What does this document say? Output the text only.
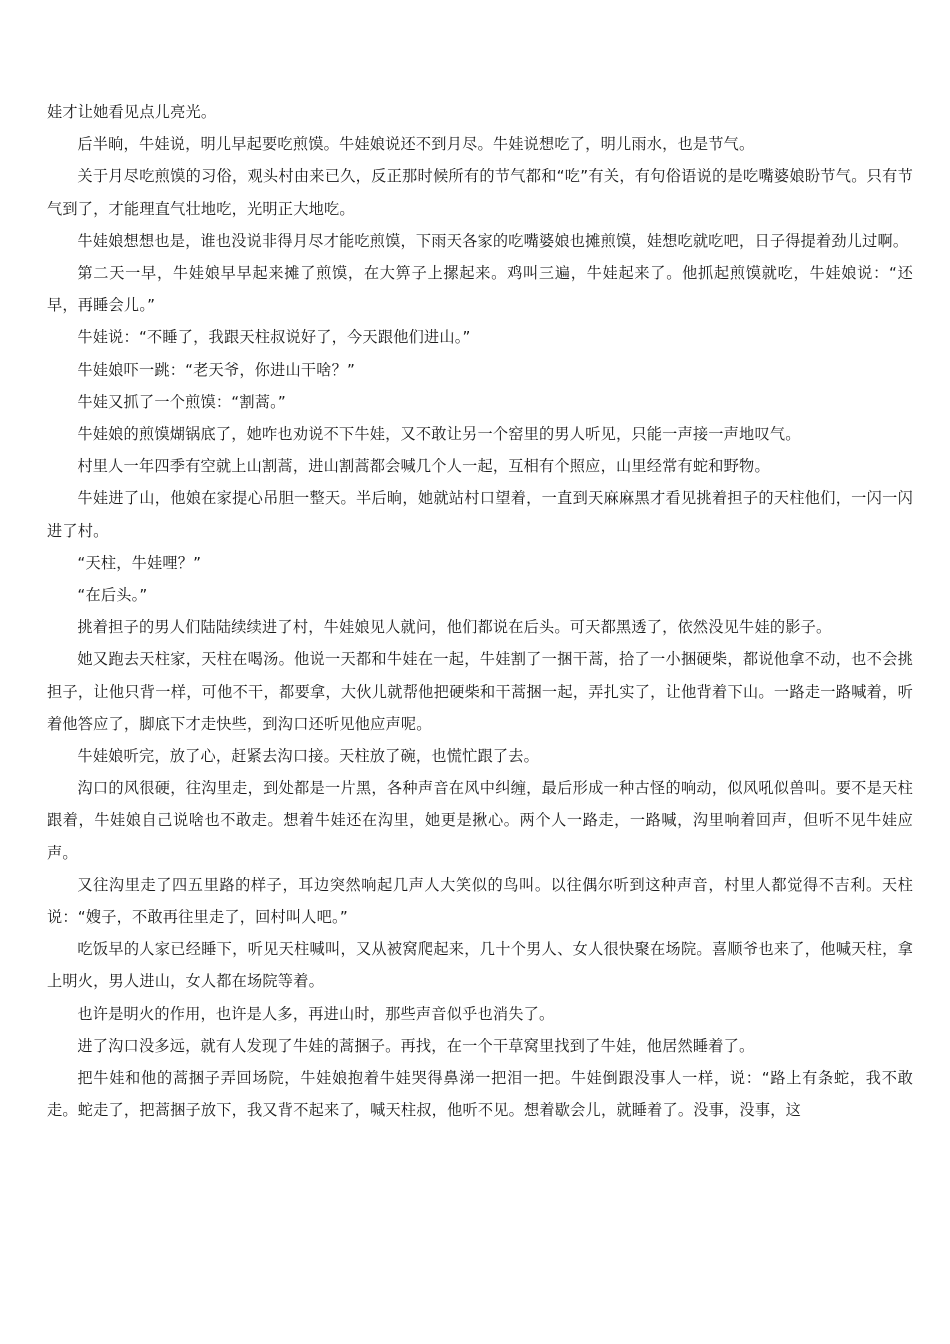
娃才让她看见点儿亮光。

后半晌，牛娃说，明儿早起要吃煎馍。牛娃娘说还不到月尽。牛娃说想吃了，明儿雨水，也是节气。

关于月尽吃煎馍的习俗，观头村由来已久，反正那时候所有的节气都和“吃”有关，有句俗语说的是吃嘴婆娘盼节气。只有节气到了，才能理直气壮地吃，光明正大地吃。

牛娃娘想想也是，谁也没说非得月尽才能吃煎馍，下雨天各家的吃嘴婆娘也摊煎馍，娃想吃就吃吧，日子得提着劲儿过啊。

第二天一早，牛娃娘早早起来摊了煎馍，在大箅子上摞起来。鸡叫三遍，牛娃起来了。他抓起煎馍就吃，牛娃娘说：“还早，再睡会儿。”

牛娃说：“不睡了，我跟天柱叔说好了，今天跟他们进山。”

牛娃娘吓一跳：“老天爷，你进山干啥？”

牛娃又抓了一个煎馍：“割蒿。”

牛娃娘的煎馍煳锅底了，她咋也劝说不下牛娃，又不敢让另一个窑里的男人听见，只能一声接一声地叹气。

村里人一年四季有空就上山割蒿，进山割蒿都会喊几个人一起，互相有个照应，山里经常有蛇和野物。

牛娃进了山，他娘在家提心吊胆一整天。半后晌，她就站村口望着，一直到天麻麻黑才看见挑着担子的天柱他们，一闪一闪进了村。

“天柱，牛娃哩？”

“在后头。”

挑着担子的男人们陆陆续续进了村，牛娃娘见人就问，他们都说在后头。可天都黑透了，依然没见牛娃的影子。

她又跑去天柱家，天柱在喝汤。他说一天都和牛娃在一起，牛娃割了一捆干蒿，拾了一小捆硬柴，都说他拿不动，也不会挑担子，让他只背一样，可他不干，都要拿，大伙儿就帮他把硬柴和干蒿捆一起，弄扎实了，让他背着下山。一路走一路喊着，听着他答应了，脚底下才走快些，到沟口还听见他应声呢。

牛娃娘听完，放了心，赶紧去沟口接。天柱放了碗，也慌忙跟了去。

沟口的风很硬，往沟里走，到处都是一片黑，各种声音在风中纠缠，最后形成一种古怪的响动，似风吼似兽叫。要不是天柱跟着，牛娃娘自己说啥也不敢走。想着牛娃还在沟里，她更是揪心。两个人一路走，一路喊，沟里响着回声，但听不见牛娃应声。

又往沟里走了四五里路的样子，耳边突然响起几声人大笑似的鸟叫。以往偶尔听到这种声音，村里人都觉得不吉利。天柱说：“嫂子，不敢再往里走了，回村叫人吧。”

吃饭早的人家已经睡下，听见天柱喊叫，又从被窝爬起来，几十个男人、女人很快聚在场院。喜顺爷也来了，他喊天柱，拿上明火，男人进山，女人都在场院等着。

也许是明火的作用，也许是人多，再进山时，那些声音似乎也消失了。

进了沟口没多远，就有人发现了牛娃的蒿捆子。再找，在一个干草窝里找到了牛娃，他居然睡着了。

把牛娃和他的蒿捆子弄回场院，牛娃娘抱着牛娃哭得鼻涕一把泪一把。牛娃倒跟没事人一样，说：“路上有条蛇，我不敢走。蛇走了，把蒿捆子放下，我又背不起来了，喊天柱叔，他听不见。想着歇会儿，就睡着了。没事，没事，这
